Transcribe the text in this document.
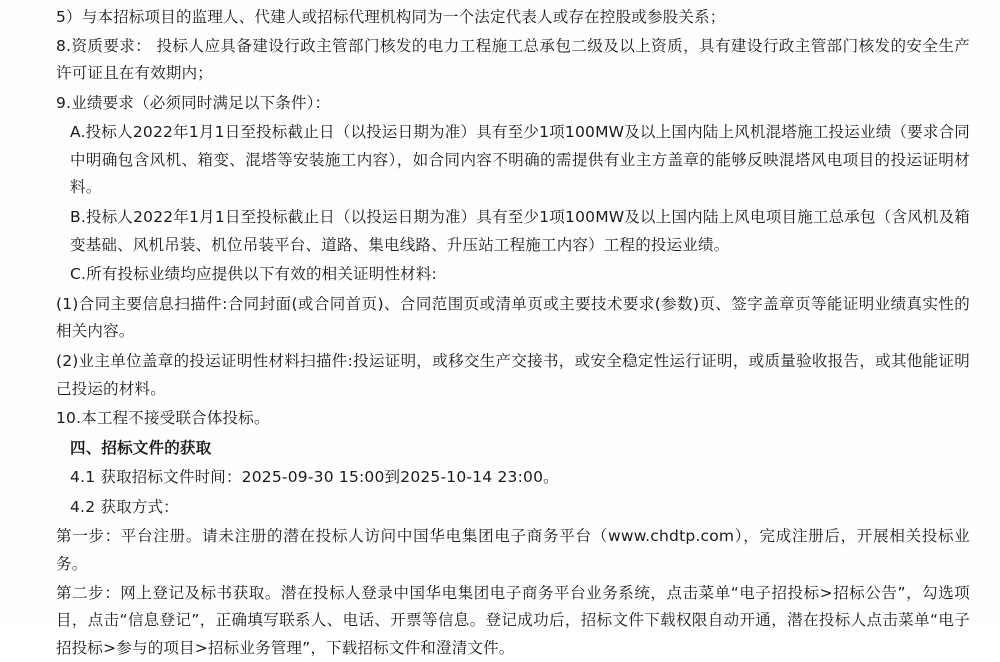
5）与本招标项目的监理人、代建人或招标代理机构同为一个法定代表人或存在控股或参股关系；

8.资质要求： 投标人应具备建设行政主管部门核发的电力工程施工总承包二级及以上资质，具有建设行政主管部门核发的安全生产许可证且在有效期内；

9.业绩要求（必须同时满足以下条件）：

A.投标人2022年1月1日至投标截止日（以投运日期为准）具有至少1项100MW及以上国内陆上风机混塔施工投运业绩（要求合同中明确包含风机、箱变、混塔等安装施工内容），如合同内容不明确的需提供有业主方盖章的能够反映混塔风电项目的投运证明材料。

B.投标人2022年1月1日至投标截止日（以投运日期为准）具有至少1项100MW及以上国内陆上风电项目施工总承包（含风机及箱变基础、风机吊装、机位吊装平台、道路、集电线路、升压站工程施工内容）工程的投运业绩。

C.所有投标业绩均应提供以下有效的相关证明性材料:

(1)合同主要信息扫描件:合同封面(或合同首页)、合同范围页或清单页或主要技术要求(参数)页、签字盖章页等能证明业绩真实性的相关内容。

(2)业主单位盖章的投运证明性材料扫描件:投运证明，或移交生产交接书，或安全稳定性运行证明，或质量验收报告，或其他能证明己投运的材料。

10.本工程不接受联合体投标。

四、招标文件的获取

4.1 获取招标文件时间：2025-09-30 15:00到2025-10-14 23:00。

4.2 获取方式：

第一步：平台注册。请未注册的潜在投标人访问中国华电集团电子商务平台（www.chdtp.com），完成注册后，开展相关投标业务。

第二步：网上登记及标书获取。潜在投标人登录中国华电集团电子商务平台业务系统，点击菜单“电子招投标>招标公告”，勾选项目，点击“信息登记”，正确填写联系人、电话、开票等信息。登记成功后，招标文件下载权限自动开通，潜在投标人点击菜单“电子招投标>参与的项目>招标业务管理”，下载招标文件和澄清文件。
